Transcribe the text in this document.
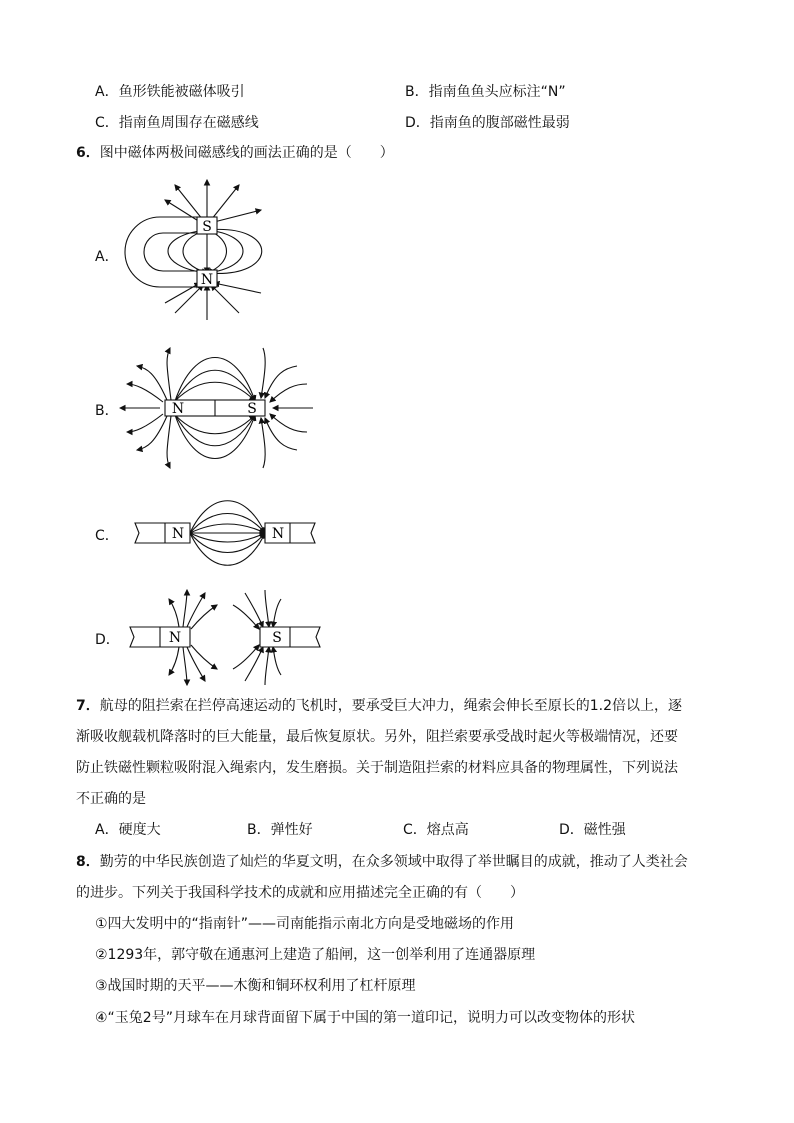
A．鱼形铁能被磁体吸引	B．指南鱼鱼头应标注“N”
C．指南鱼周围存在磁感线	D．指南鱼的腹部磁性最弱
6．图中磁体两极间磁感线的画法正确的是（　　）
A．
S
N
B．	N	S
C．	N	N
D．	N	S
7．航母的阻拦索在拦停高速运动的飞机时，要承受巨大冲力，绳索会伸长至原长的1.2倍以上，逐
渐吸收舰载机降落时的巨大能量，最后恢复原状。另外，阻拦索要承受战时起火等极端情况，还要
防止铁磁性颗粒吸附混入绳索内，发生磨损。关于制造阻拦索的材料应具备的物理属性，下列说法
不正确的是
A．硬度大	B．弹性好	C．熔点高	D．磁性强
8．勤劳的中华民族创造了灿烂的华夏文明，在众多领域中取得了举世瞩目的成就，推动了人类社会
的进步。下列关于我国科学技术的成就和应用描述完全正确的有（　　）
①四大发明中的“指南针”——司南能指示南北方向是受地磁场的作用
②1293年，郭守敬在通惠河上建造了船闸，这一创举利用了连通器原理
③战国时期的天平——木衡和铜环权利用了杠杆原理
④“玉兔2号”月球车在月球背面留下属于中国的第一道印记，说明力可以改变物体的形状
